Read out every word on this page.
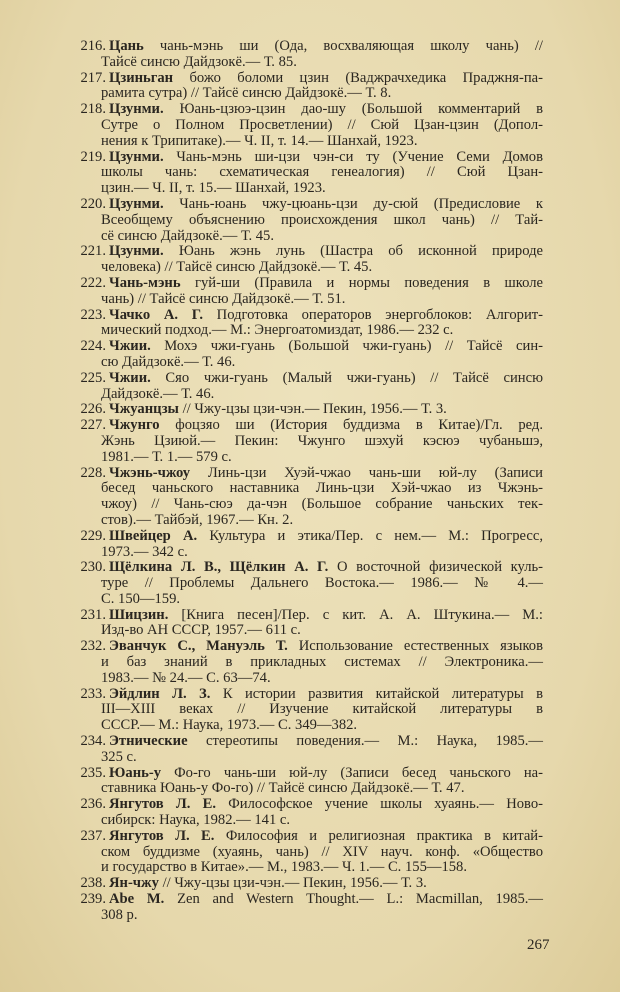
216. Цань чань-мэнь ши (Ода, восхваляющая школу чань) //
Тайсё синсю Дайдзокё.— Т. 85.
217. Цзиньган божо боломи цзин (Ваджрачхедика Праджня-па-
рамита сутра) // Тайсё синсю Дайдзокё.— Т. 8.
218. Цзунми. Юань-цзюэ-цзин дао-шу (Большой комментарий в
Сутре о Полном Просветлении) // Сюй Цзан-цзин (Допол-
нения к Трипитаке).— Ч. II, т. 14.— Шанхай, 1923.
219. Цзунми. Чань-мэнь ши-цзи чэн-си ту (Учение Семи Домов
школы чань: схематическая генеалогия) // Сюй Цзан-
цзин.— Ч. II, т. 15.— Шанхай, 1923.
220. Цзунми. Чань-юань чжу-цюань-цзи ду-сюй (Предисловие к
Всеобщему объяснению происхождения школ чань) // Тай-
сё синсю Дайдзокё.— Т. 45.
221. Цзунми. Юань жэнь лунь (Шастра об исконной природе
человека) // Тайсё синсю Дайдзокё.— Т. 45.
222. Чань-мэнь гуй-ши (Правила и нормы поведения в школе
чань) // Тайсё синсю Дайдзокё.— Т. 51.
223. Чачко А. Г. Подготовка операторов энергоблоков: Алгорит-
мический подход.— М.: Энергоатомиздат, 1986.— 232 с.
224. Чжии. Мохэ чжи-гуань (Большой чжи-гуань) // Тайсё син-
сю Дайдзокё.— Т. 46.
225. Чжии. Сяо чжи-гуань (Малый чжи-гуань) // Тайсё синсю
Дайдзокё.— Т. 46.
226. Чжуанцзы // Чжу-цзы цзи-чэн.— Пекин, 1956.— Т. 3.
227. Чжунго фоцзяо ши (История буддизма в Китае)/Гл. ред.
Жэнь Цзиюй.— Пекин: Чжунго шэхуй кэсюэ чубаньшэ,
1981.— Т. 1.— 579 с.
228. Чжэнь-чжоу Линь-цзи Хуэй-чжао чань-ши юй-лу (Записи
бесед чаньского наставника Линь-цзи Хэй-чжао из Чжэнь-
чжоу) // Чань-сюэ да-чэн (Большое собрание чаньских тек-
стов).— Тайбэй, 1967.— Кн. 2.
229. Швейцер А. Культура и этика/Пер. с нем.— М.: Прогресс,
1973.— 342 с.
230. Щёлкина Л. В., Щёлкин А. Г. О восточной физической куль-
туре // Проблемы Дальнего Востока.— 1986.— № 4.—
С. 150—159.
231. Шицзин. [Книга песен]/Пер. с кит. А. А. Штукина.— М.:
Изд-во АН СССР, 1957.— 611 с.
232. Эванчук С., Мануэль Т. Использование естественных языков
и баз знаний в прикладных системах // Электроника.—
1983.— № 24.— С. 63—74.
233. Эйдлин Л. З. К истории развития китайской литературы в
III—XIII веках // Изучение китайской литературы в
СССР.— М.: Наука, 1973.— С. 349—382.
234. Этнические стереотипы поведения.— М.: Наука, 1985.—
325 с.
235. Юань-у Фо-го чань-ши юй-лу (Записи бесед чаньского на-
ставника Юань-у Фо-го) // Тайсё синсю Дайдзокё.— Т. 47.
236. Янгутов Л. Е. Философское учение школы хуаянь.— Ново-
сибирск: Наука, 1982.— 141 с.
237. Янгутов Л. Е. Философия и религиозная практика в китай-
ском буддизме (хуаянь, чань) // XIV науч. конф. «Общество
и государство в Китае».— М., 1983.— Ч. 1.— С. 155—158.
238. Ян-чжу // Чжу-цзы цзи-чэн.— Пекин, 1956.— Т. 3.
239. Abe M. Zen and Western Thought.— L.: Macmillan, 1985.—
308 p.
267
